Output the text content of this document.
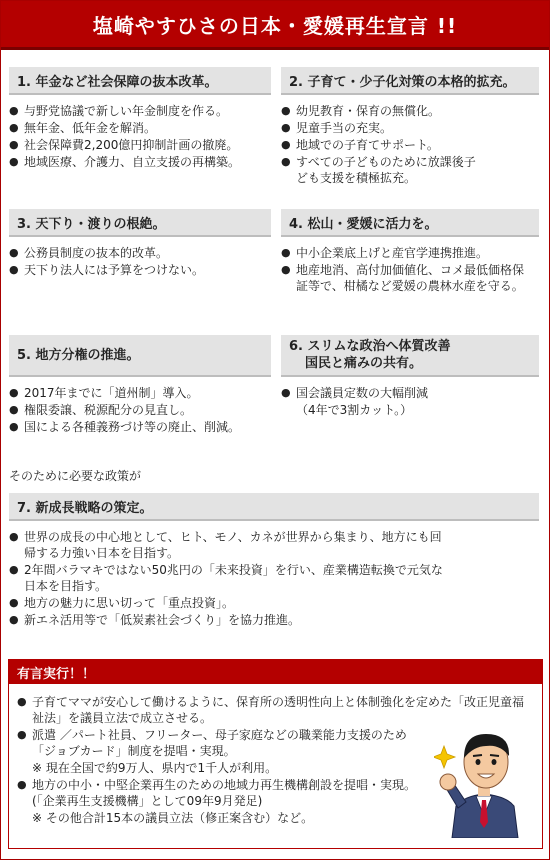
塩崎やすひさの日本・愛媛再生宣言 !!
1. 年金など社会保障の抜本改革。
● 与野党協議で新しい年金制度を作る。
● 無年金、低年金を解消。
● 社会保障費2,200億円抑制計画の撤廃。
● 地域医療、介護力、自立支援の再構築。
2. 子育て・少子化対策の本格的拡充。
● 幼児教育・保育の無償化。
● 児童手当の充実。
● 地域での子育てサポート。
● すべての子どものために放課後子ども支援を積極拡充。
3. 天下り・渡りの根絶。
● 公務員制度の抜本的改革。
● 天下り法人には予算をつけない。
4. 松山・愛媛に活力を。
● 中小企業底上げと産官学連携推進。
● 地産地消、高付加価値化、コメ最低価格保証等で、柑橘など愛媛の農林水産を守る。
5. 地方分権の推進。
● 2017年までに「道州制」導入。
● 権限委譲、税源配分の見直し。
● 国による各種義務づけ等の廃止、削減。
6. スリムな政治へ体質改善
国民と痛みの共有。
● 国会議員定数の大幅削減
（4年で3割カット。）
そのために必要な政策が
7. 新成長戦略の策定。
● 世界の成長の中心地として、ヒト、モノ、カネが世界から集まり、地方にも回帰する力強い日本を目指す。
● 2年間バラマキではない50兆円の「未来投資」を行い、産業構造転換で元気な日本を目指す。
● 地方の魅力に思い切って「重点投資」。
● 新エネ活用等で「低炭素社会づくり」を協力推進。
有言実行！！
● 子育てママが安心して働けるように、保育所の透明性向上と体制強化を定めた「改正児童福祉法」を議員立法で成立させる。
● 派遣 ／パート社員、フリーター、母子家庭などの職業能力支援のため「ジョブカード」制度を提唱・実現。
※ 現在全国で約9万人、県内で1千人が利用。
● 地方の中小・中堅企業再生のための地域力再生機構創設を提唱・実現。(「企業再生支援機構」として09年9月発足)
※ その他合計15本の議員立法（修正案含む）など。
